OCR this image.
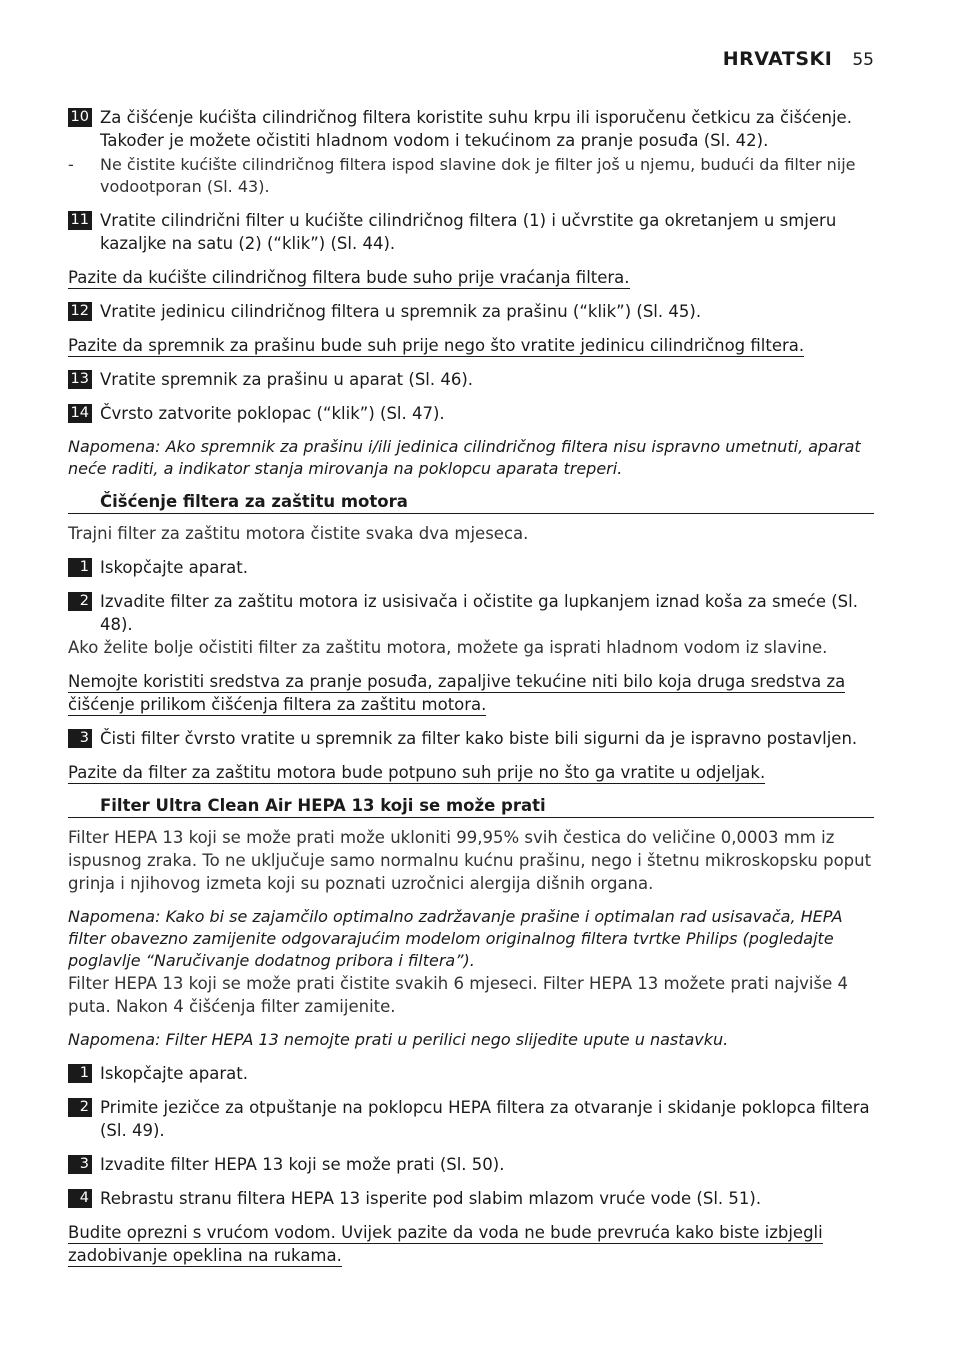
HRVATSKI 55
10 Za čišćenje kućišta cilindričnog filtera koristite suhu krpu ili isporučenu četkicu za čišćenje. Također je možete očistiti hladnom vodom i tekućinom za pranje posuđa (Sl. 42).
-	Ne čistite kućište cilindričnog filtera ispod slavine dok je filter još u njemu, budući da filter nije vodootporan (Sl. 43).
11 Vratite cilindrični filter u kućište cilindričnog filtera (1) i učvrstite ga okretanjem u smjeru kazaljke na satu (2) (“klik”) (Sl. 44).
Pazite da kućište cilindričnog filtera bude suho prije vraćanja filtera.
12 Vratite jedinicu cilindričnog filtera u spremnik za prašinu (“klik”) (Sl. 45).
Pazite da spremnik za prašinu bude suh prije nego što vratite jedinicu cilindričnog filtera.
13 Vratite spremnik za prašinu u aparat (Sl. 46).
14 Čvrsto zatvorite poklopac (“klik”) (Sl. 47).
Napomena: Ako spremnik za prašinu i/ili jedinica cilindričnog filtera nisu ispravno umetnuti, aparat neće raditi, a indikator stanja mirovanja na poklopcu aparata treperi.
Čišćenje filtera za zaštitu motora
Trajni filter za zaštitu motora čistite svaka dva mjeseca.
1 Iskopčajte aparat.
2 Izvadite filter za zaštitu motora iz usisivača i očistite ga lupkanjem iznad koša za smeće (Sl. 48).
Ako želite bolje očistiti filter za zaštitu motora, možete ga isprati hladnom vodom iz slavine.
Nemojte koristiti sredstva za pranje posuđa, zapaljive tekućine niti bilo koja druga sredstva za
čišćenje prilikom čišćenja filtera za zaštitu motora.
3 Čisti filter čvrsto vratite u spremnik za filter kako biste bili sigurni da je ispravno postavljen.
Pazite da filter za zaštitu motora bude potpuno suh prije no što ga vratite u odjeljak.
Filter Ultra Clean Air HEPA 13 koji se može prati
Filter HEPA 13 koji se može prati može ukloniti 99,95% svih čestica do veličine 0,0003 mm iz ispusnog zraka. To ne uključuje samo normalnu kućnu prašinu, nego i štetnu mikroskopsku poput grinja i njihovog izmeta koji su poznati uzročnici alergija dišnih organa.
Napomena: Kako bi se zajamčilo optimalno zadržavanje prašine i optimalan rad usisavača, HEPA filter obavezno zamijenite odgovarajućim modelom originalnog filtera tvrtke Philips (pogledajte poglavlje “Naručivanje dodatnog pribora i filtera”).
Filter HEPA 13 koji se može prati čistite svakih 6 mjeseci. Filter HEPA 13 možete prati najviše 4 puta. Nakon 4 čišćenja filter zamijenite.
Napomena: Filter HEPA 13 nemojte prati u perilici nego slijedite upute u nastavku.
1 Iskopčajte aparat.
2 Primite jezičce za otpuštanje na poklopcu HEPA filtera za otvaranje i skidanje poklopca filtera (Sl. 49).
3 Izvadite filter HEPA 13 koji se može prati (Sl. 50).
4 Rebrastu stranu filtera HEPA 13 isperite pod slabim mlazom vruće vode (Sl. 51).
Budite oprezni s vrućom vodom. Uvijek pazite da voda ne bude prevruća kako biste izbjegli
zadobivanje opeklina na rukama.
